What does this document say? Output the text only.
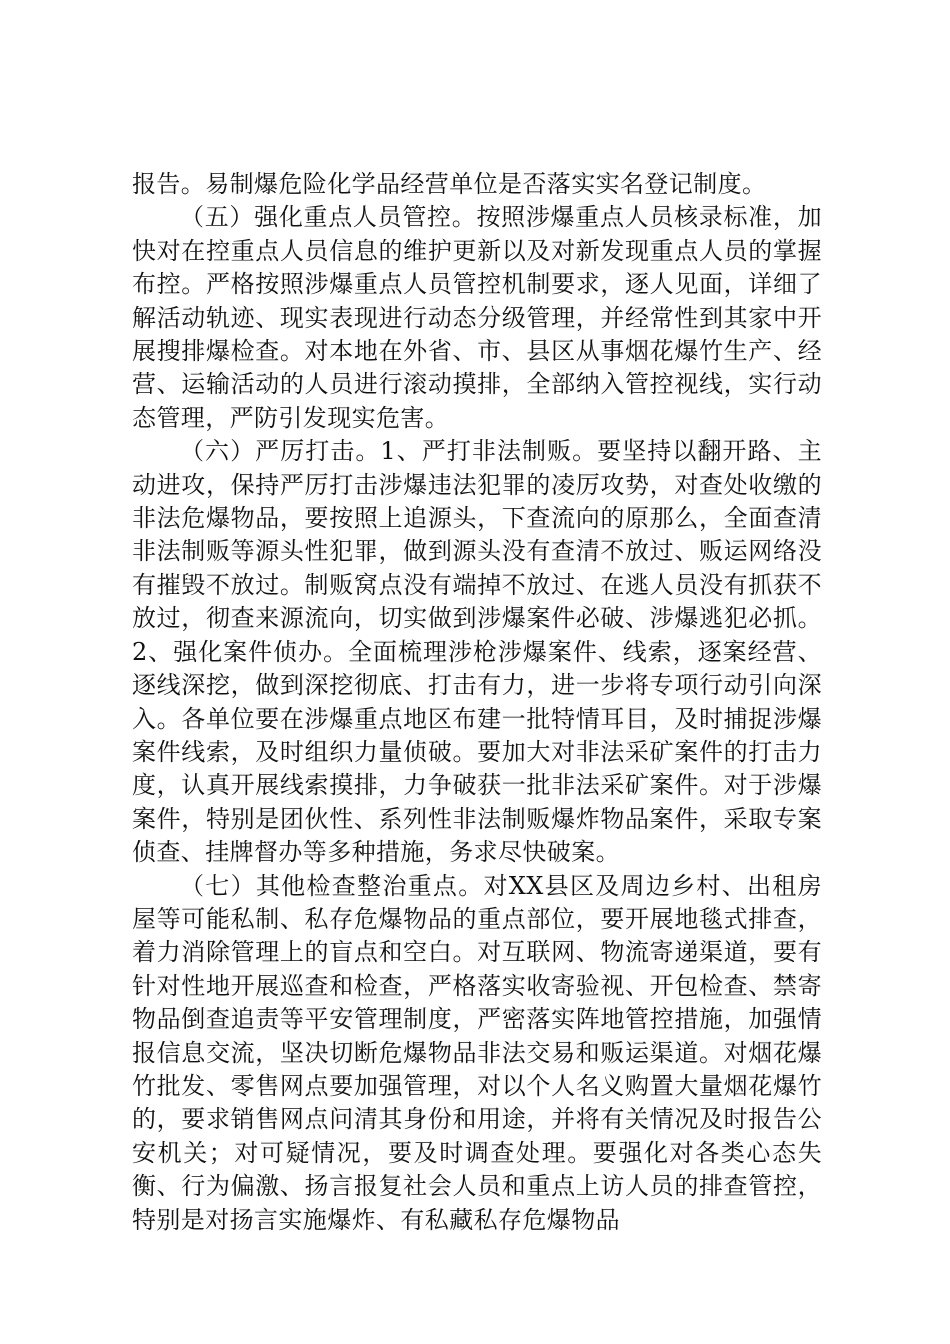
报告。易制爆危险化学品经营单位是否落实实名登记制度。

（五）强化重点人员管控。按照涉爆重点人员核录标准，加快对在控重点人员信息的维护更新以及对新发现重点人员的掌握布控。严格按照涉爆重点人员管控机制要求，逐人见面，详细了解活动轨迹、现实表现进行动态分级管理，并经常性到其家中开展搜排爆检查。对本地在外省、市、县区从事烟花爆竹生产、经营、运输活动的人员进行滚动摸排，全部纳入管控视线，实行动态管理，严防引发现实危害。

（六）严厉打击。1、严打非法制贩。要坚持以翻开路、主动进攻，保持严厉打击涉爆违法犯罪的凌厉攻势，对查处收缴的非法危爆物品，要按照上追源头，下查流向的原那么，全面查清非法制贩等源头性犯罪，做到源头没有查清不放过、贩运网络没有摧毁不放过。制贩窝点没有端掉不放过、在逃人员没有抓获不放过，彻查来源流向，切实做到涉爆案件必破、涉爆逃犯必抓。2、强化案件侦办。全面梳理涉枪涉爆案件、线索，逐案经营、逐线深挖，做到深挖彻底、打击有力，进一步将专项行动引向深入。各单位要在涉爆重点地区布建一批特情耳目，及时捕捉涉爆案件线索，及时组织力量侦破。要加大对非法采矿案件的打击力度，认真开展线索摸排，力争破获一批非法采矿案件。对于涉爆案件，特别是团伙性、系列性非法制贩爆炸物品案件，采取专案侦查、挂牌督办等多种措施，务求尽快破案。

（七）其他检查整治重点。对XX县区及周边乡村、出租房屋等可能私制、私存危爆物品的重点部位，要开展地毯式排查，着力消除管理上的盲点和空白。对互联网、物流寄递渠道，要有针对性地开展巡查和检查，严格落实收寄验视、开包检查、禁寄物品倒查追责等平安管理制度，严密落实阵地管控措施，加强情报信息交流，坚决切断危爆物品非法交易和贩运渠道。对烟花爆竹批发、零售网点要加强管理，对以个人名义购置大量烟花爆竹的，要求销售网点问清其身份和用途，并将有关情况及时报告公安机关；对可疑情况，要及时调查处理。要强化对各类心态失衡、行为偏激、扬言报复社会人员和重点上访人员的排查管控，特别是对扬言实施爆炸、有私藏私存危爆物品
